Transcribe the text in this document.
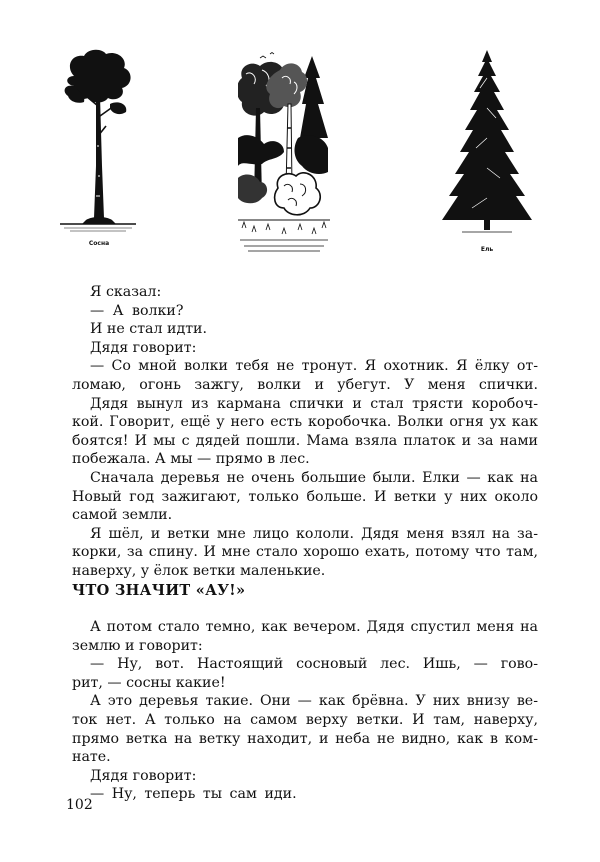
Сосна
Ель
Я сказал:
— А волки?
И не стал идти.
Дядя говорит:
— Со мной волки тебя не тронут. Я охотник. Я ёлку от-
ломаю, огонь зажгу, волки и убегут. У меня спички.
Дядя вынул из кармана спички и стал трясти коробоч-
кой. Говорит, ещё у него есть коробочка. Волки огня ух как
боятся! И мы с дядей пошли. Мама взяла платок и за нами
побежала. А мы — прямо в лес.
Сначала деревья не очень большие были. Елки — как на
Новый год зажигают, только больше. И ветки у них около
самой земли.
Я шёл, и ветки мне лицо кололи. Дядя меня взял на за-
корки, за спину. И мне стало хорошо ехать, потому что там,
наверху, у ёлок ветки маленькие.
ЧТО ЗНАЧИТ «АУ!»
А потом стало темно, как вечером. Дядя спустил меня на
землю и говорит:
— Ну, вот. Настоящий сосновый лес. Ишь, — гово-
рит, — сосны какие!
А это деревья такие. Они — как брёвна. У них внизу ве-
ток нет. А только на самом верху ветки. И там, наверху,
прямо ветка на ветку находит, и неба не видно, как в ком-
нате.
Дядя говорит:
— Ну, теперь ты сам иди.
102
